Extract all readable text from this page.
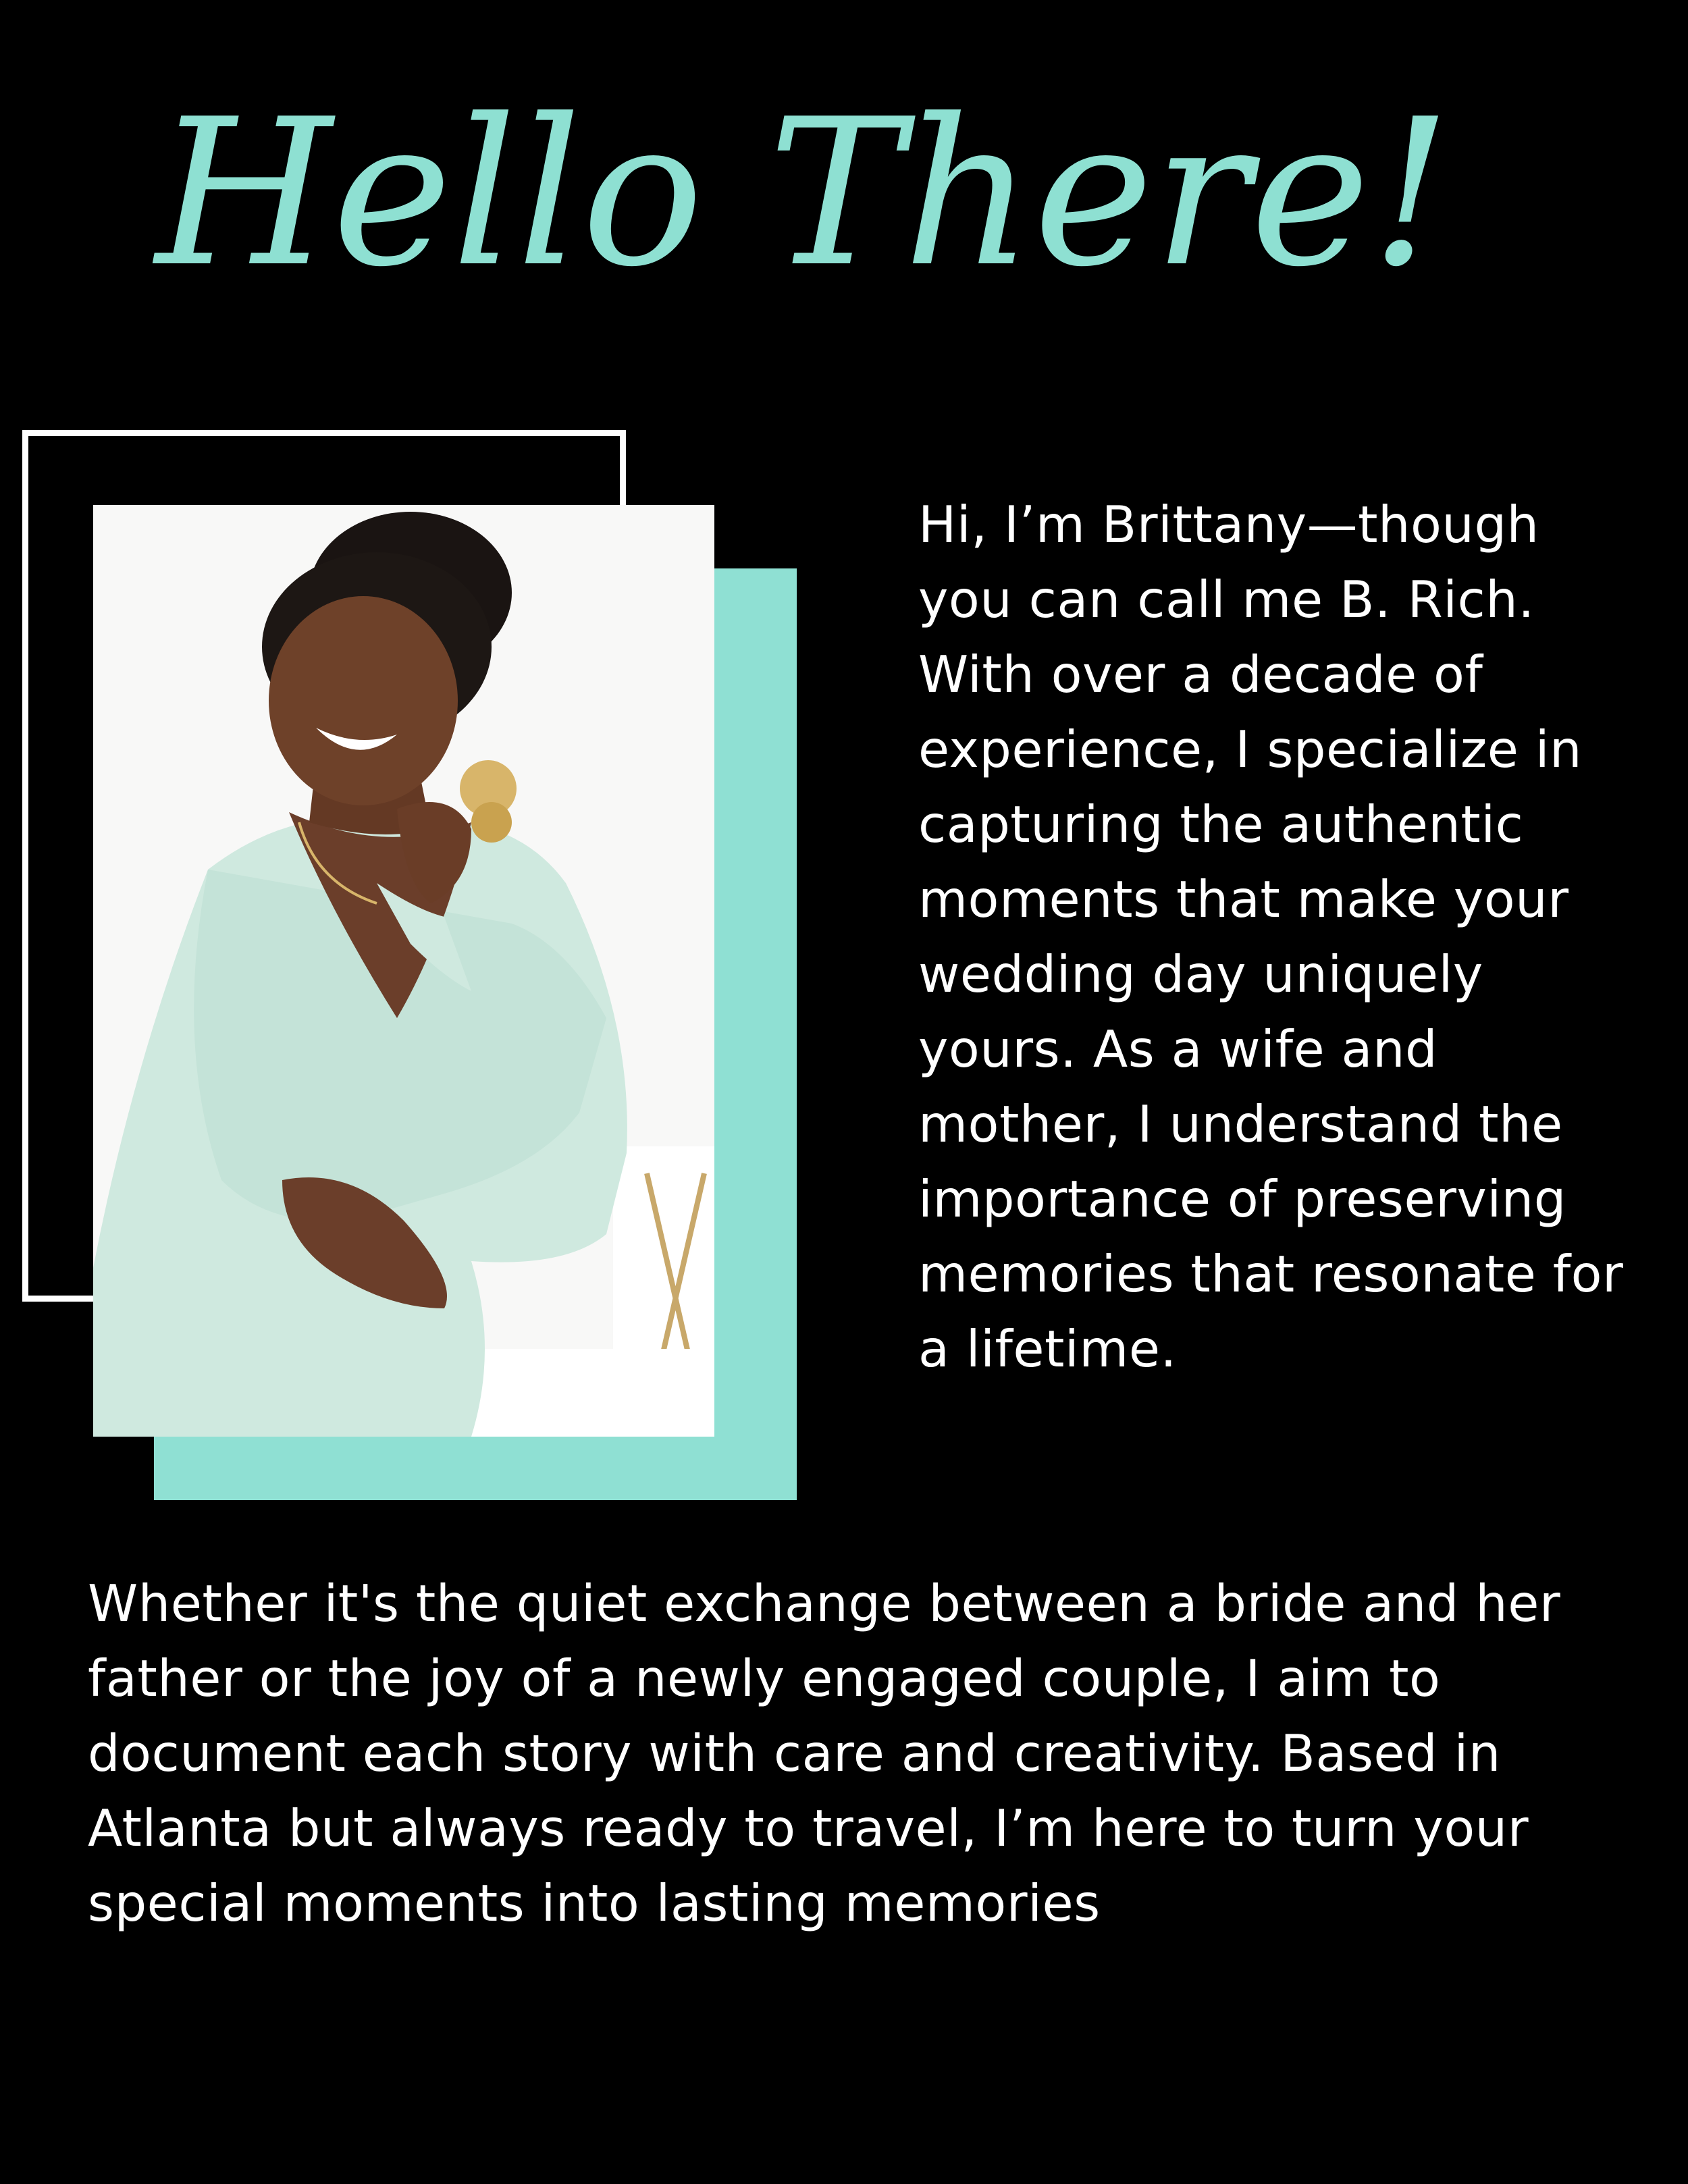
Hello There!

Hi, I’m Brittany—though you can call me B. Rich. With over a decade of experience, I specialize in capturing the authentic moments that make your wedding day uniquely yours. As a wife and mother, I understand the importance of preserving memories that resonate for a lifetime.

Whether it's the quiet exchange between a bride and her father or the joy of a newly engaged couple, I aim to document each story with care and creativity. Based in Atlanta but always ready to travel, I’m here to turn your special moments into lasting memories
